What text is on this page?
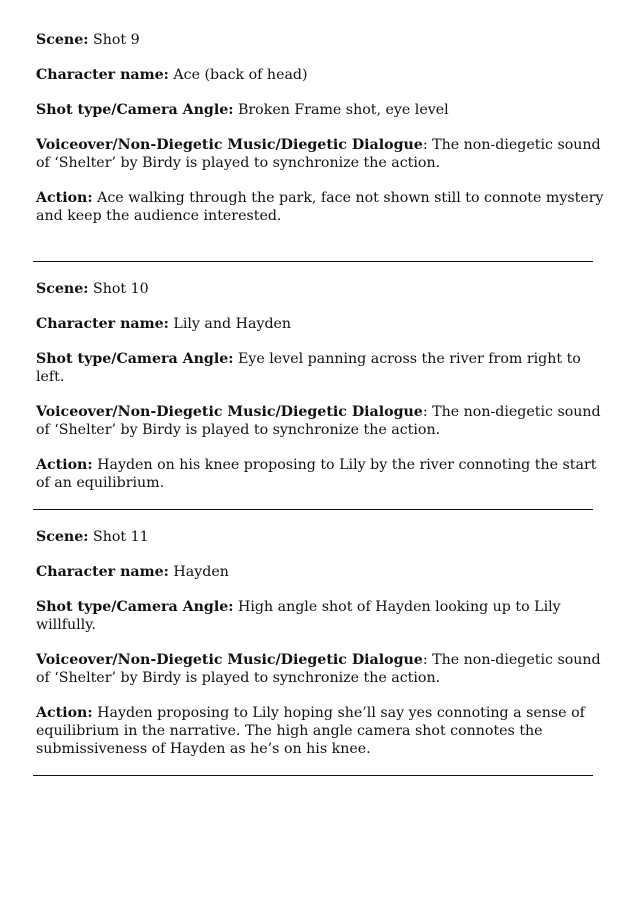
Scene: Shot 9

Character name: Ace (back of head)

Shot type/Camera Angle: Broken Frame shot, eye level

Voiceover/Non-Diegetic Music/Diegetic Dialogue: The non-diegetic sound of ‘Shelter’ by Birdy is played to synchronize the action.

Action: Ace walking through the park, face not shown still to connote mystery and keep the audience interested.

Scene: Shot 10

Character name: Lily and Hayden

Shot type/Camera Angle: Eye level panning across the river from right to left.

Voiceover/Non-Diegetic Music/Diegetic Dialogue: The non-diegetic sound of ‘Shelter’ by Birdy is played to synchronize the action.

Action: Hayden on his knee proposing to Lily by the river connoting the start of an equilibrium.

Scene: Shot 11

Character name: Hayden

Shot type/Camera Angle: High angle shot of Hayden looking up to Lily willfully.

Voiceover/Non-Diegetic Music/Diegetic Dialogue: The non-diegetic sound of ‘Shelter’ by Birdy is played to synchronize the action.

Action: Hayden proposing to Lily hoping she’ll say yes connoting a sense of equilibrium in the narrative. The high angle camera shot connotes the submissiveness of Hayden as he’s on his knee.
